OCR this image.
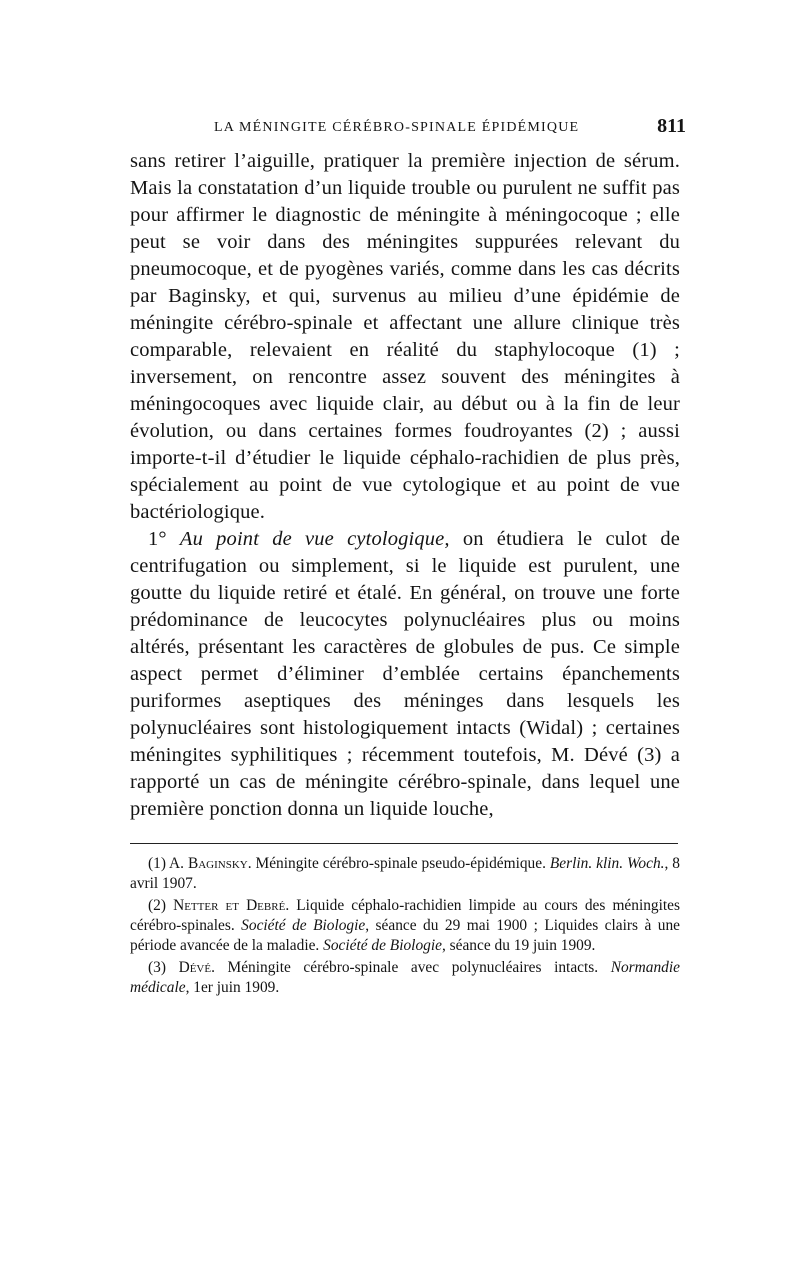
LA MÉNINGITE CÉRÉBRO-SPINALE ÉPIDÉMIQUE	811

sans retirer l’aiguille, pratiquer la première injection de sérum. Mais la constatation d’un liquide trouble ou purulent ne suffit pas pour affirmer le diagnostic de méningite à méningocoque ; elle peut se voir dans des méningites suppurées relevant du pneumocoque, et de pyogènes variés, comme dans les cas décrits par Baginsky, et qui, survenus au milieu d’une épidémie de méningite cérébro-spinale et affectant une allure clinique très comparable, relevaient en réalité du staphylocoque (1) ; inversement, on rencontre assez souvent des méningites à méningocoques avec liquide clair, au début ou à la fin de leur évolution, ou dans certaines formes foudroyantes (2) ; aussi importe-t-il d’étudier le liquide céphalo-rachidien de plus près, spécialement au point de vue cytologique et au point de vue bactériologique.

1° Au point de vue cytologique, on étudiera le culot de centrifugation ou simplement, si le liquide est purulent, une goutte du liquide retiré et étalé. En général, on trouve une forte prédominance de leucocytes polynucléaires plus ou moins altérés, présentant les caractères de globules de pus. Ce simple aspect permet d’éliminer d’emblée certains épanchements puriformes aseptiques des méninges dans lesquels les polynucléaires sont histologiquement intacts (Widal) ; certaines méningites syphilitiques ; récemment toutefois, M. Dévé (3) a rapporté un cas de méningite cérébro-spinale, dans lequel une première ponction donna un liquide louche,

(1) A. Baginsky. Méningite cérébro-spinale pseudo-épidémique. Berlin. klin. Woch., 8 avril 1907.

(2) Netter et Debré. Liquide céphalo-rachidien limpide au cours des méningites cérébro-spinales. Société de Biologie, séance du 29 mai 1900 ; Liquides clairs à une période avancée de la maladie. Société de Biologie, séance du 19 juin 1909.

(3) Dévé. Méningite cérébro-spinale avec polynucléaires intacts. Normandie médicale, 1er juin 1909.
